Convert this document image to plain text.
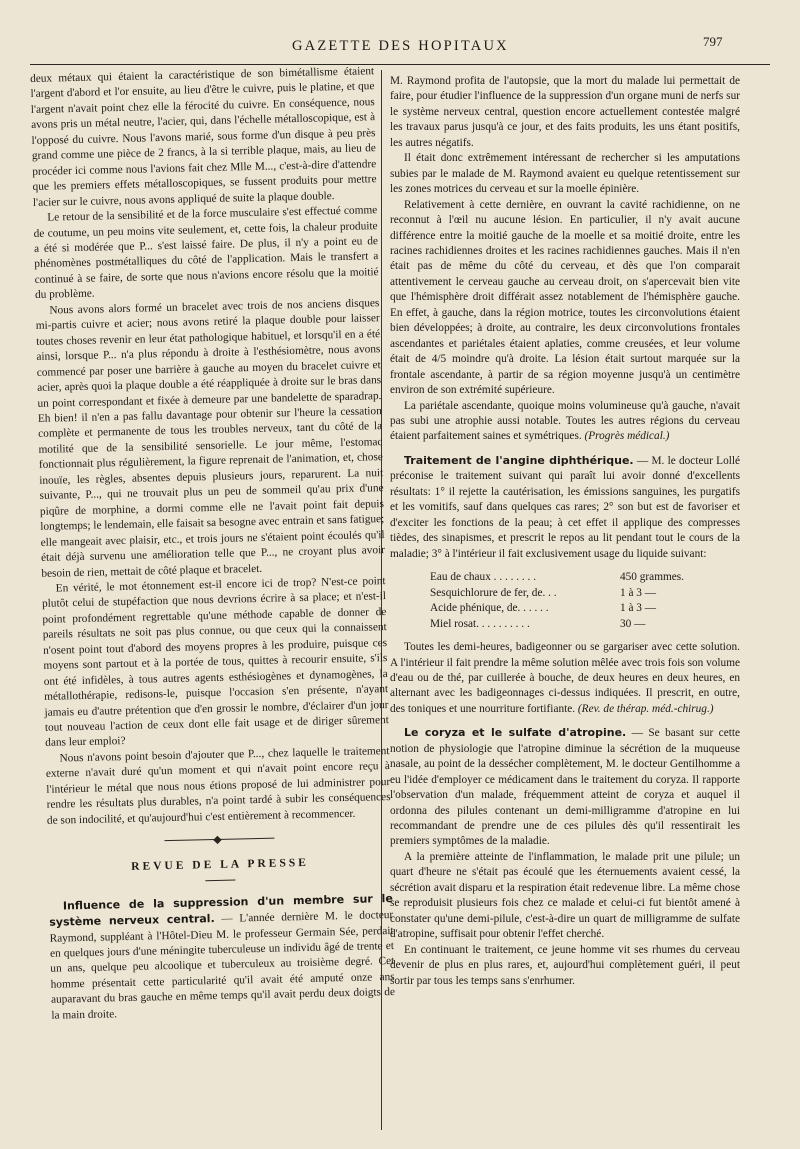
GAZETTE DES HOPITAUX	797

deux métaux qui étaient la caractéristique de son bimétallisme étaient l'argent d'abord et l'or ensuite, au lieu d'être le cuivre, puis le platine, et que l'argent n'avait point chez elle la férocité du cuivre. En conséquence, nous avons pris un métal neutre, l'acier, qui, dans l'échelle métalloscopique, est à l'opposé du cuivre. Nous l'avons marié, sous forme d'un disque à peu près grand comme une pièce de 2 francs, à la si terrible plaque, mais, au lieu de procéder ici comme nous l'avions fait chez Mlle M..., c'est-à-dire d'attendre que les premiers effets métalloscopiques, se fussent produits pour mettre l'acier sur le cuivre, nous avons appliqué de suite la plaque double.

Le retour de la sensibilité et de la force musculaire s'est effectué comme de coutume, un peu moins vite seulement, et, cette fois, la chaleur produite a été si modérée que P... s'est laissé faire. De plus, il n'y a point eu de phénomènes postmétalliques du côté de l'application. Mais le transfert a continué à se faire, de sorte que nous n'avions encore résolu que la moitié du problème.

Nous avons alors formé un bracelet avec trois de nos anciens disques mi-partis cuivre et acier; nous avons retiré la plaque double pour laisser toutes choses revenir en leur état pathologique habituel, et lorsqu'il en a été ainsi, lorsque P... n'a plus répondu à droite à l'esthésiomètre, nous avons commencé par poser une barrière à gauche au moyen du bracelet cuivre et acier, après quoi la plaque double a été réappliquée à droite sur le bras dans un point correspondant et fixée à demeure par une bandelette de sparadrap. Eh bien! il n'en a pas fallu davantage pour obtenir sur l'heure la cessation complète et permanente de tous les troubles nerveux, tant du côté de la motilité que de la sensibilité sensorielle. Le jour même, l'estomac fonctionnait plus régulièrement, la figure reprenait de l'animation, et, chose inouïe, les règles, absentes depuis plusieurs jours, reparurent. La nuit suivante, P..., qui ne trouvait plus un peu de sommeil qu'au prix d'une piqûre de morphine, a dormi comme elle ne l'avait point fait depuis longtemps; le lendemain, elle faisait sa besogne avec entrain et sans fatigue; elle mangeait avec plaisir, etc., et trois jours ne s'étaient point écoulés qu'il était déjà survenu une amélioration telle que P..., ne croyant plus avoir besoin de rien, mettait de côté plaque et bracelet.

En vérité, le mot étonnement est-il encore ici de trop? N'est-ce point plutôt celui de stupéfaction que nous devrions écrire à sa place; et n'est-il point profondément regrettable qu'une méthode capable de donner de pareils résultats ne soit pas plus connue, ou que ceux qui la connaissent n'osent point tout d'abord des moyens propres à les produire, puisque ces moyens sont partout et à la portée de tous, quittes à recourir ensuite, s'ils ont été infidèles, à tous autres agents esthésiogènes et dynamogènes, la métallothérapie, redisons-le, puisque l'occasion s'en présente, n'ayant jamais eu d'autre prétention que d'en grossir le nombre, d'éclairer d'un jour tout nouveau l'action de ceux dont elle fait usage et de diriger sûrement dans leur emploi?

Nous n'avons point besoin d'ajouter que P..., chez laquelle le traitement externe n'avait duré qu'un moment et qui n'avait point encore reçu à l'intérieur le métal que nous nous étions proposé de lui administrer pour rendre les résultats plus durables, n'a point tardé à subir les conséquences de son indocilité, et qu'aujourd'hui c'est entièrement à recommencer.

REVUE DE LA PRESSE

Influence de la suppression d'un membre sur le système nerveux central. — L'année dernière M. le docteur Raymond, suppléant à l'Hôtel-Dieu M. le professeur Germain Sée, perdait en quelques jours d'une méningite tuberculeuse un individu âgé de trente et un ans, quelque peu alcoolique et tuberculeux au troisième degré. Cet homme présentait cette particularité qu'il avait été amputé onze ans auparavant du bras gauche en même temps qu'il avait perdu deux doigts de la main droite.

M. Raymond profita de l'autopsie, que la mort du malade lui permettait de faire, pour étudier l'influence de la suppression d'un organe muni de nerfs sur le système nerveux central, question encore actuellement contestée malgré les travaux parus jusqu'à ce jour, et des faits produits, les uns étant positifs, les autres négatifs.

Il était donc extrêmement intéressant de rechercher si les amputations subies par le malade de M. Raymond avaient eu quelque retentissement sur les zones motrices du cerveau et sur la moelle épinière.

Relativement à cette dernière, en ouvrant la cavité rachidienne, on ne reconnut à l'œil nu aucune lésion. En particulier, il n'y avait aucune différence entre la moitié gauche de la moelle et sa moitié droite, entre les racines rachidiennes droites et les racines rachidiennes gauches. Mais il n'en était pas de même du côté du cerveau, et dès que l'on comparait attentivement le cerveau gauche au cerveau droit, on s'apercevait bien vite que l'hémisphère droit différait assez notablement de l'hémisphère gauche. En effet, à gauche, dans la région motrice, toutes les circonvolutions étaient bien développées; à droite, au contraire, les deux circonvolutions frontales ascendantes et pariétales étaient aplaties, comme creusées, et leur volume était de 4/5 moindre qu'à droite. La lésion était surtout marquée sur la frontale ascendante, à partir de sa région moyenne jusqu'à un centimètre environ de son extrémité supérieure.

La pariétale ascendante, quoique moins volumineuse qu'à gauche, n'avait pas subi une atrophie aussi notable. Toutes les autres régions du cerveau étaient parfaitement saines et symétriques. (Progrès médical.)

Traitement de l'angine diphthérique. — M. le docteur Lollé préconise le traitement suivant qui paraît lui avoir donné d'excellents résultats: 1° il rejette la cautérisation, les émissions sanguines, les purgatifs et les vomitifs, sauf dans quelques cas rares; 2° son but est de favoriser et d'exciter les fonctions de la peau; à cet effet il applique des compresses tièdes, des sinapismes, et prescrit le repos au lit pendant tout le cours de la maladie; 3° à l'intérieur il fait exclusivement usage du liquide suivant:

Eau de chaux . . . . . . . .	450 grammes.
Sesquichlorure de fer, de. . .	1 à 3 —
Acide phénique, de. . . . . .	1 à 3 —
Miel rosat. . . . . . . . . .	30 —

Toutes les demi-heures, badigeonner ou se gargariser avec cette solution. A l'intérieur il fait prendre la même solution mêlée avec trois fois son volume d'eau ou de thé, par cuillerée à bouche, de deux heures en deux heures, en alternant avec les badigeonnages ci-dessus indiquées. Il prescrit, en outre, des toniques et une nourriture fortifiante. (Rev. de thérap. méd.-chirug.)

Le coryza et le sulfate d'atropine. — Se basant sur cette notion de physiologie que l'atropine diminue la sécrétion de la muqueuse nasale, au point de la dessécher complètement, M. le docteur Gentilhomme a eu l'idée d'employer ce médicament dans le traitement du coryza. Il rapporte l'observation d'un malade, fréquemment atteint de coryza et auquel il ordonna des pilules contenant un demi-milligramme d'atropine en lui recommandant de prendre une de ces pilules dès qu'il ressentirait les premiers symptômes de la maladie.

A la première atteinte de l'inflammation, le malade prit une pilule; un quart d'heure ne s'était pas écoulé que les éternuements avaient cessé, la sécrétion avait disparu et la respiration était redevenue libre. La même chose se reproduisit plusieurs fois chez ce malade et celui-ci fut bientôt amené à constater qu'une demi-pilule, c'est-à-dire un quart de milligramme de sulfate d'atropine, suffisait pour obtenir l'effet cherché.

En continuant le traitement, ce jeune homme vit ses rhumes du cerveau devenir de plus en plus rares, et, aujourd'hui complètement guéri, il peut sortir par tous les temps sans s'enrhumer.
